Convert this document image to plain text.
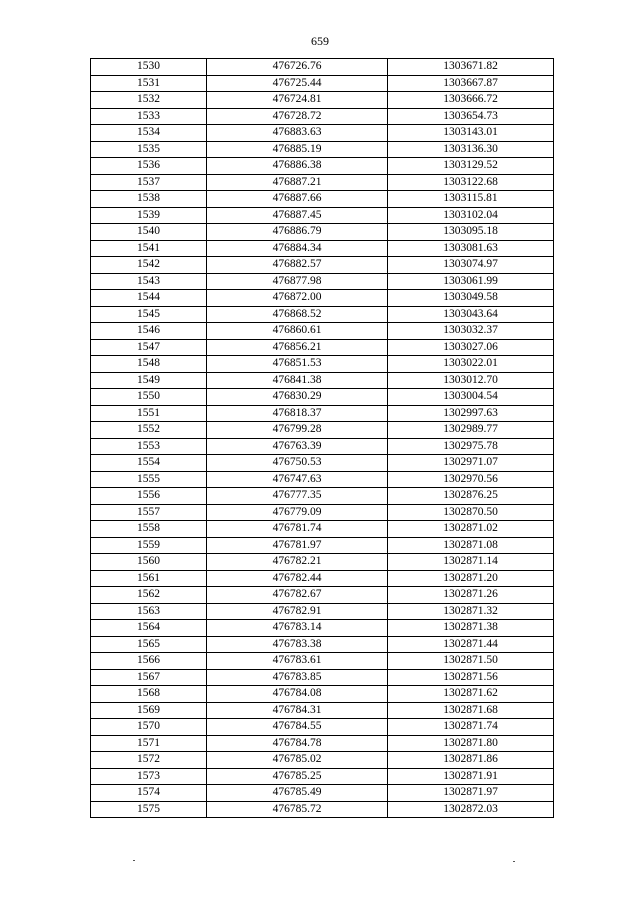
659
1530	476726.76	1303671.82
1531	476725.44	1303667.87
1532	476724.81	1303666.72
1533	476728.72	1303654.73
1534	476883.63	1303143.01
1535	476885.19	1303136.30
1536	476886.38	1303129.52
1537	476887.21	1303122.68
1538	476887.66	1303115.81
1539	476887.45	1303102.04
1540	476886.79	1303095.18
1541	476884.34	1303081.63
1542	476882.57	1303074.97
1543	476877.98	1303061.99
1544	476872.00	1303049.58
1545	476868.52	1303043.64
1546	476860.61	1303032.37
1547	476856.21	1303027.06
1548	476851.53	1303022.01
1549	476841.38	1303012.70
1550	476830.29	1303004.54
1551	476818.37	1302997.63
1552	476799.28	1302989.77
1553	476763.39	1302975.78
1554	476750.53	1302971.07
1555	476747.63	1302970.56
1556	476777.35	1302876.25
1557	476779.09	1302870.50
1558	476781.74	1302871.02
1559	476781.97	1302871.08
1560	476782.21	1302871.14
1561	476782.44	1302871.20
1562	476782.67	1302871.26
1563	476782.91	1302871.32
1564	476783.14	1302871.38
1565	476783.38	1302871.44
1566	476783.61	1302871.50
1567	476783.85	1302871.56
1568	476784.08	1302871.62
1569	476784.31	1302871.68
1570	476784.55	1302871.74
1571	476784.78	1302871.80
1572	476785.02	1302871.86
1573	476785.25	1302871.91
1574	476785.49	1302871.97
1575	476785.72	1302872.03
